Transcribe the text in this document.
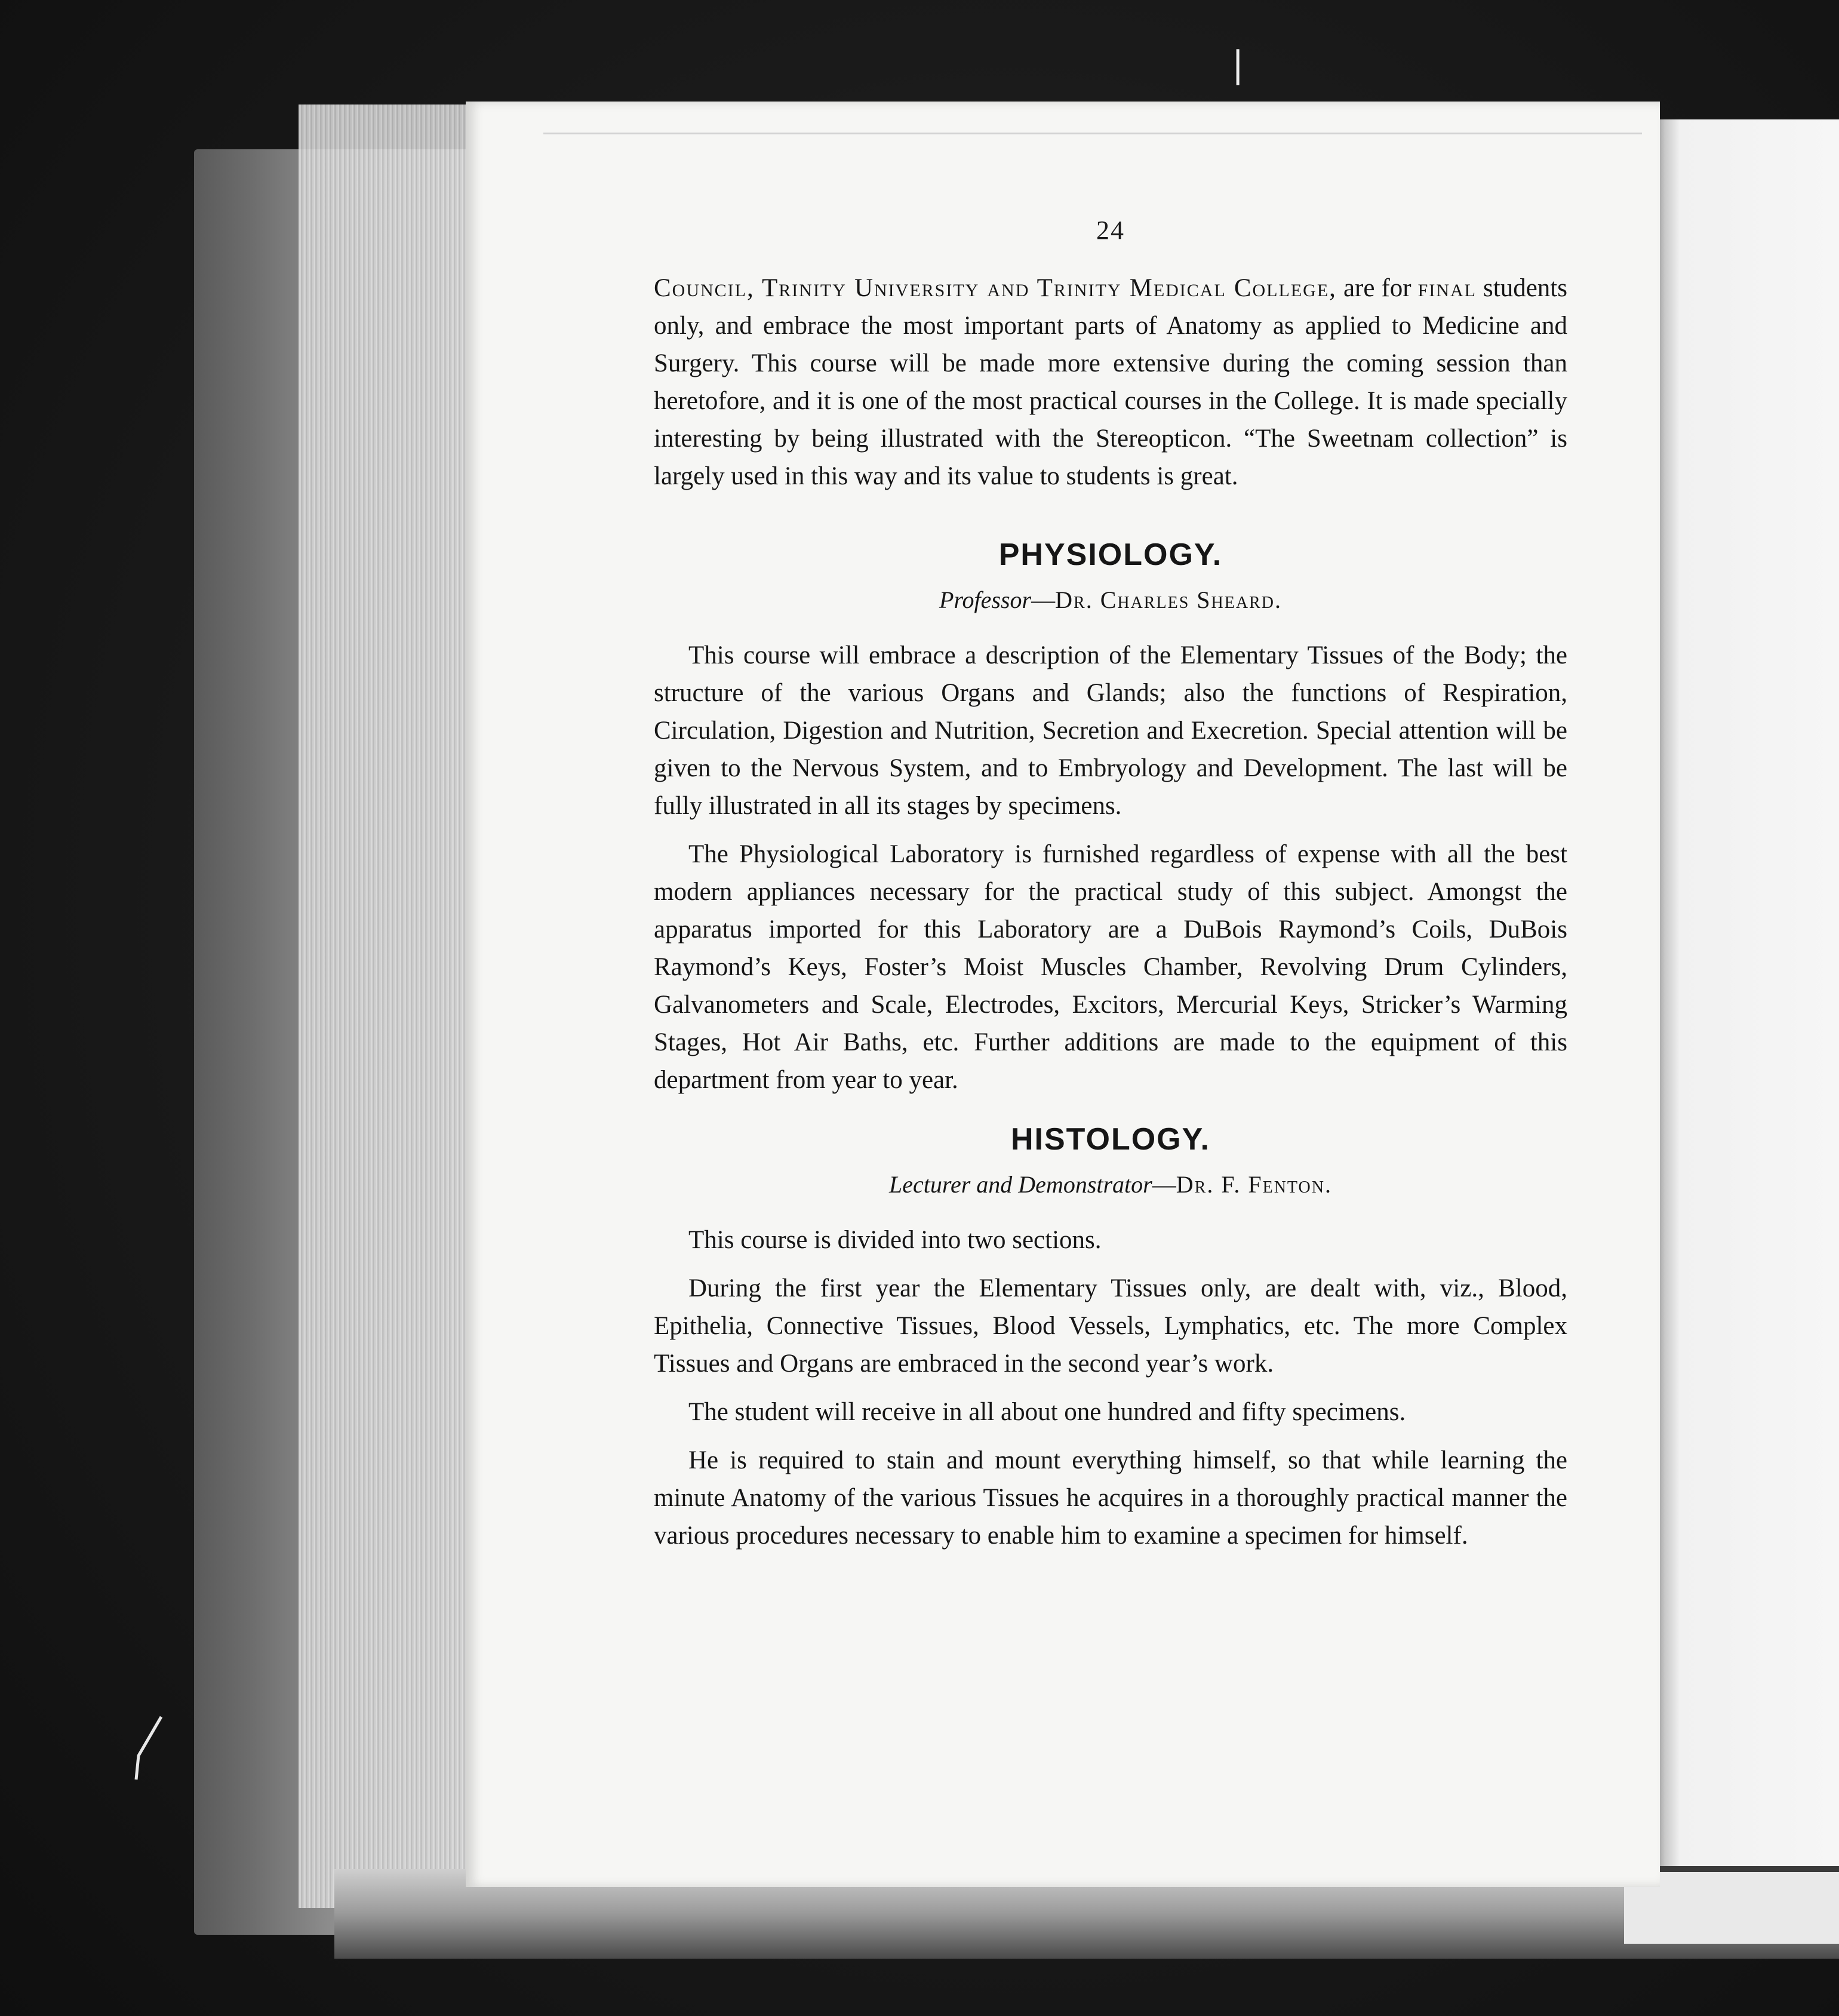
❘
24

Council, Trinity University and Trinity Medical College, are for final students only, and embrace the most important parts of Anatomy as applied to Medicine and Surgery. This course will be made more extensive during the coming session than heretofore, and it is one of the most practical courses in the College. It is made specially interesting by being illustrated with the Stereopticon. “The Sweetnam collection” is largely used in this way and its value to students is great.

PHYSIOLOGY.
Professor—Dr. Charles Sheard.

This course will embrace a description of the Elementary Tissues of the Body; the structure of the various Organs and Glands; also the functions of Respiration, Circulation, Digestion and Nutrition, Secretion and Execretion. Special attention will be given to the Nervous System, and to Embryology and Development. The last will be fully illustrated in all its stages by specimens.

The Physiological Laboratory is furnished regardless of expense with all the best modern appliances necessary for the practical study of this subject. Amongst the apparatus imported for this Laboratory are a DuBois Raymond’s Coils, DuBois Raymond’s Keys, Foster’s Moist Muscles Chamber, Revolving Drum Cylinders, Galvanometers and Scale, Electrodes, Excitors, Mercurial Keys, Stricker’s Warming Stages, Hot Air Baths, etc. Further additions are made to the equipment of this department from year to year.

HISTOLOGY.
Lecturer and Demonstrator—Dr. F. Fenton.

This course is divided into two sections.

During the first year the Elementary Tissues only, are dealt with, viz., Blood, Epithelia, Connective Tissues, Blood Vessels, Lymphatics, etc. The more Complex Tissues and Organs are embraced in the second year’s work.

The student will receive in all about one hundred and fifty specimens.

He is required to stain and mount everything himself, so that while learning the minute Anatomy of the various Tissues he acquires in a thoroughly practical manner the various procedures necessary to enable him to examine a specimen for himself.
